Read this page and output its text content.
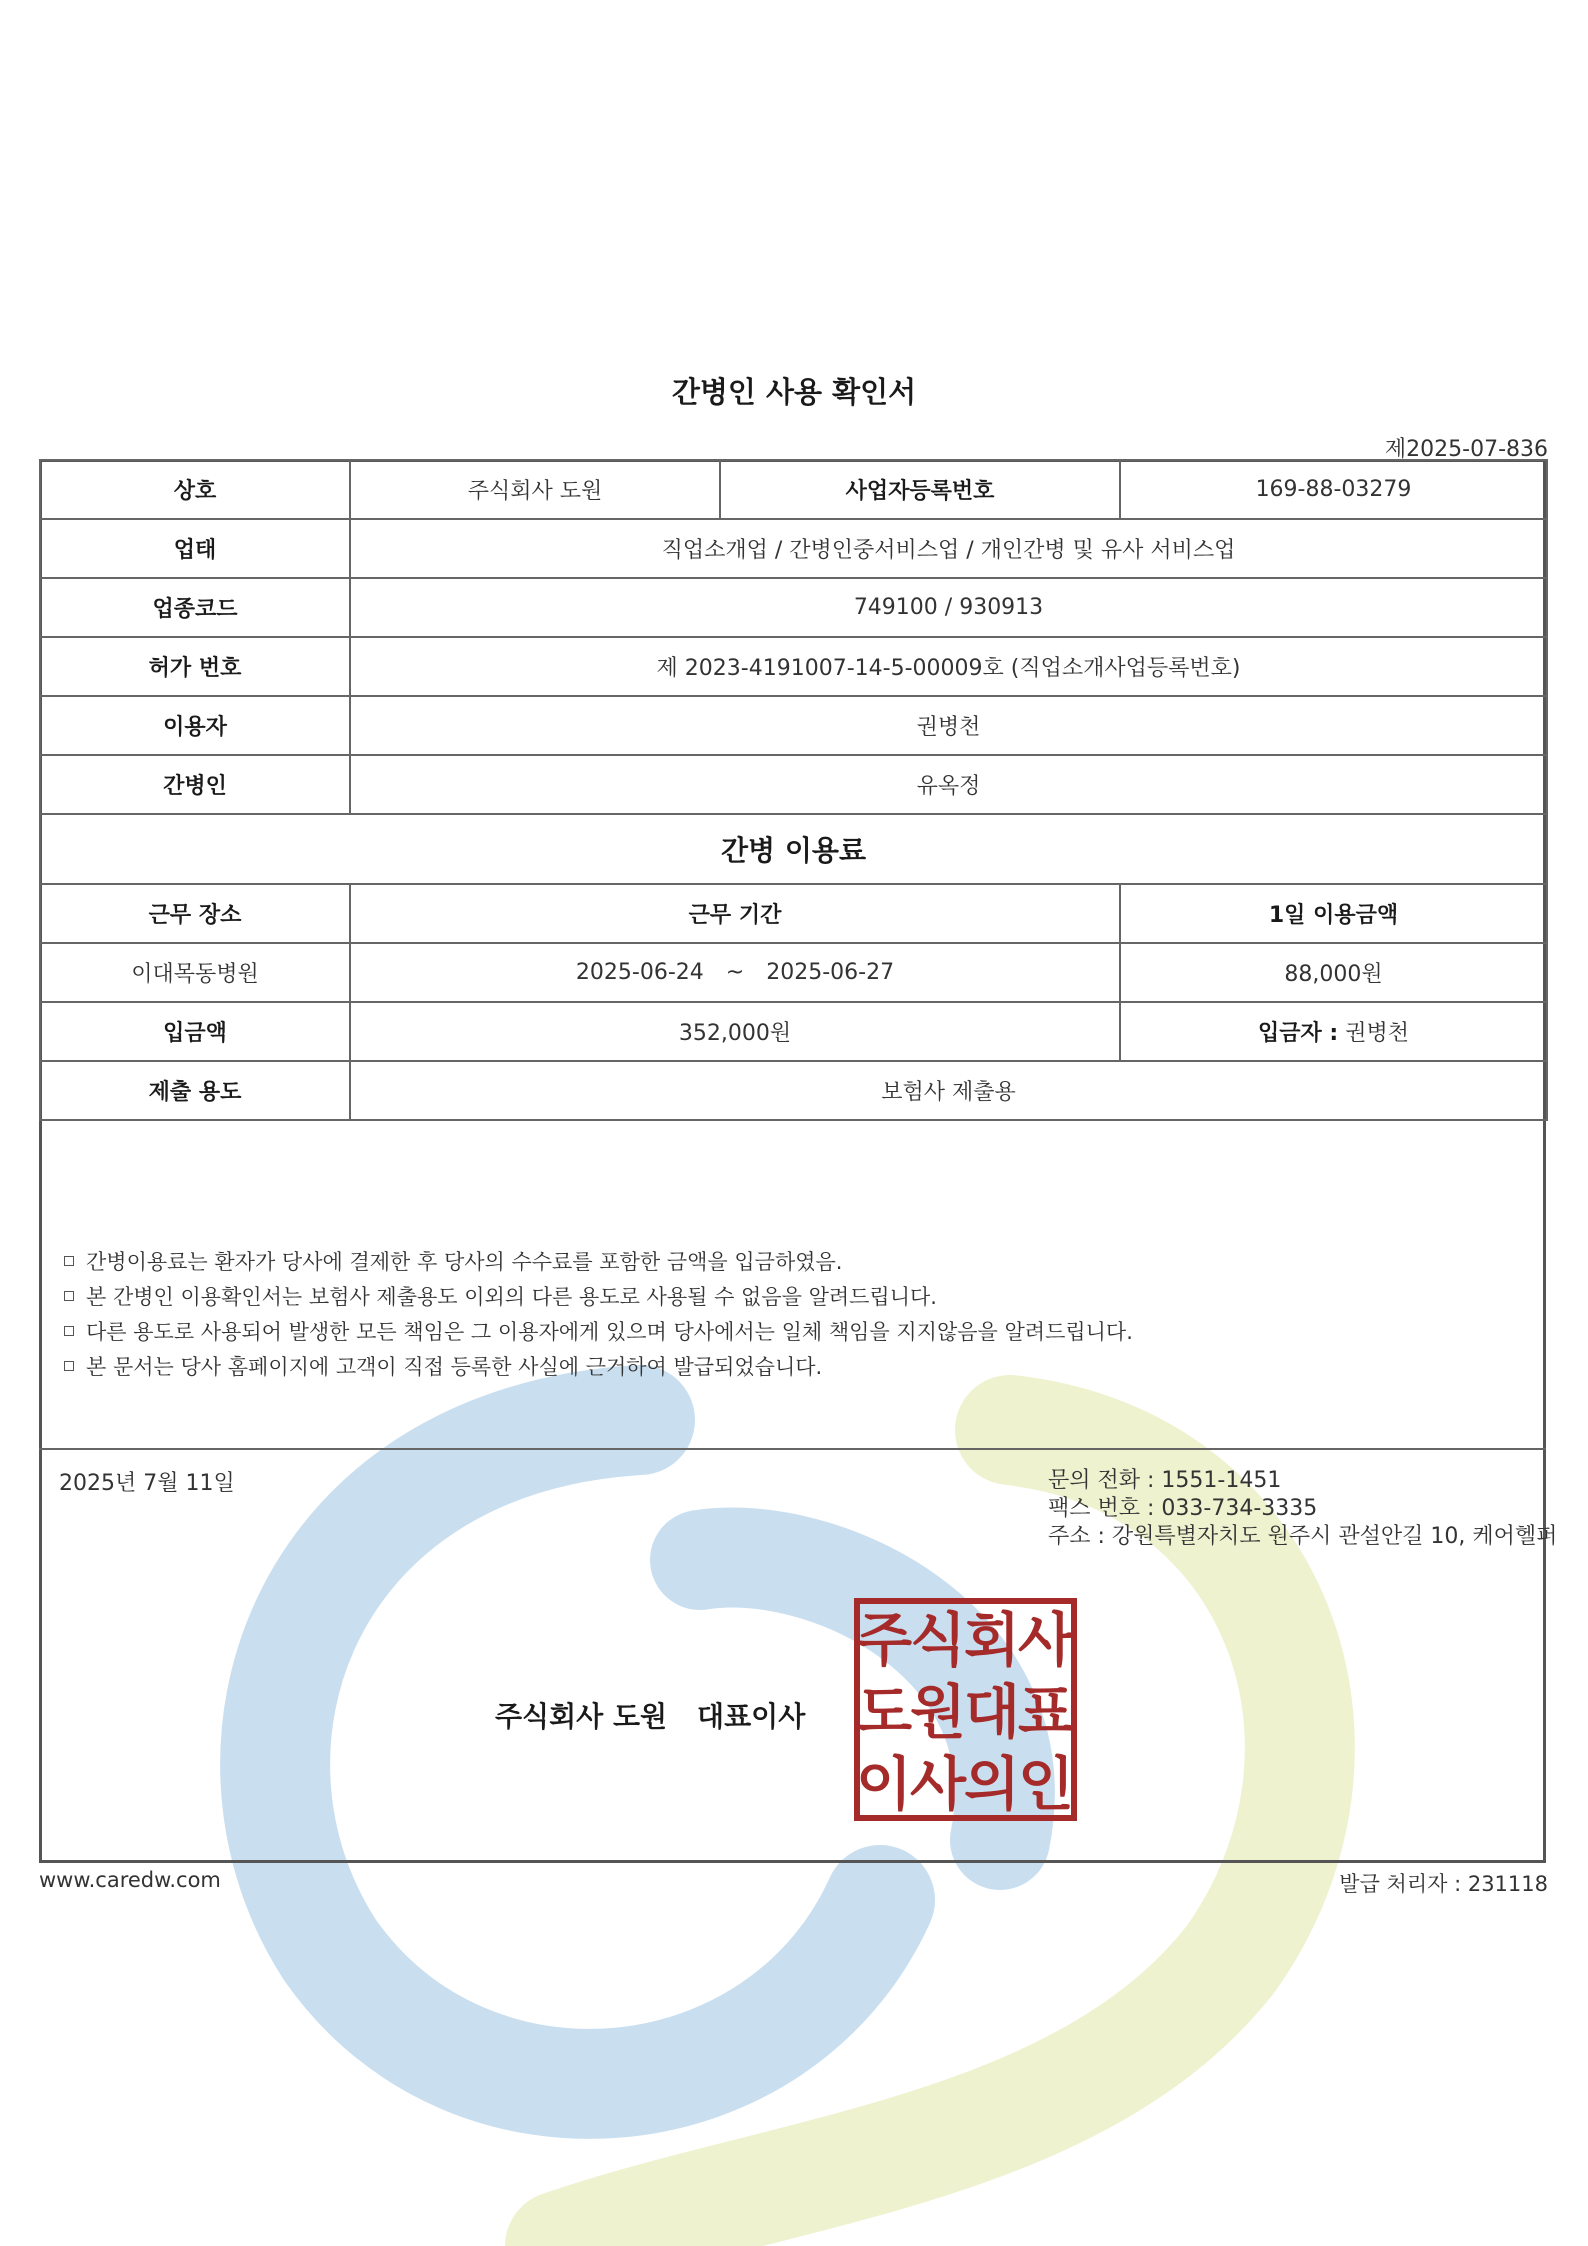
간병인 사용 확인서
제2025-07-836
상호	주식회사 도원	사업자등록번호	169-88-03279
업태	직업소개업 / 간병인중서비스업 / 개인간병 및 유사 서비스업		
업종코드	749100 / 930913		
허가 번호	제 2023-4191007-14-5-00009호 (직업소개사업등록번호)		
이용자	권병천		
간병인	유옥정		
간병 이용료			
근무 장소	근무 기간		1일 이용금액
이대목동병원	2025-06-24 ~ 2025-06-27		88,000원
입금액	352,000원		입금자 : 권병천
제출 용도	보험사 제출용		
간병이용료는 환자가 당사에 결제한 후 당사의 수수료를 포함한 금액을 입금하였음.
본 간병인 이용확인서는 보험사 제출용도 이외의 다른 용도로 사용될 수 없음을 알려드립니다.
다른 용도로 사용되어 발생한 모든 책임은 그 이용자에게 있으며 당사에서는 일체 책임을 지지않음을 알려드립니다.
본 문서는 당사 홈페이지에 고객이 직접 등록한 사실에 근거하여 발급되었습니다.
2025년 7월 11일	문의 전화 : 1551-1451
팩스 번호 : 033-734-3335
주소 : 강원특별자치도 원주시 관설안길 10, 케어헬퍼
주식회사 도원 대표이사
주
식
회
사
도
원
대
표
이
사
의
인
www.caredw.com	발급 처리자 : 231118
